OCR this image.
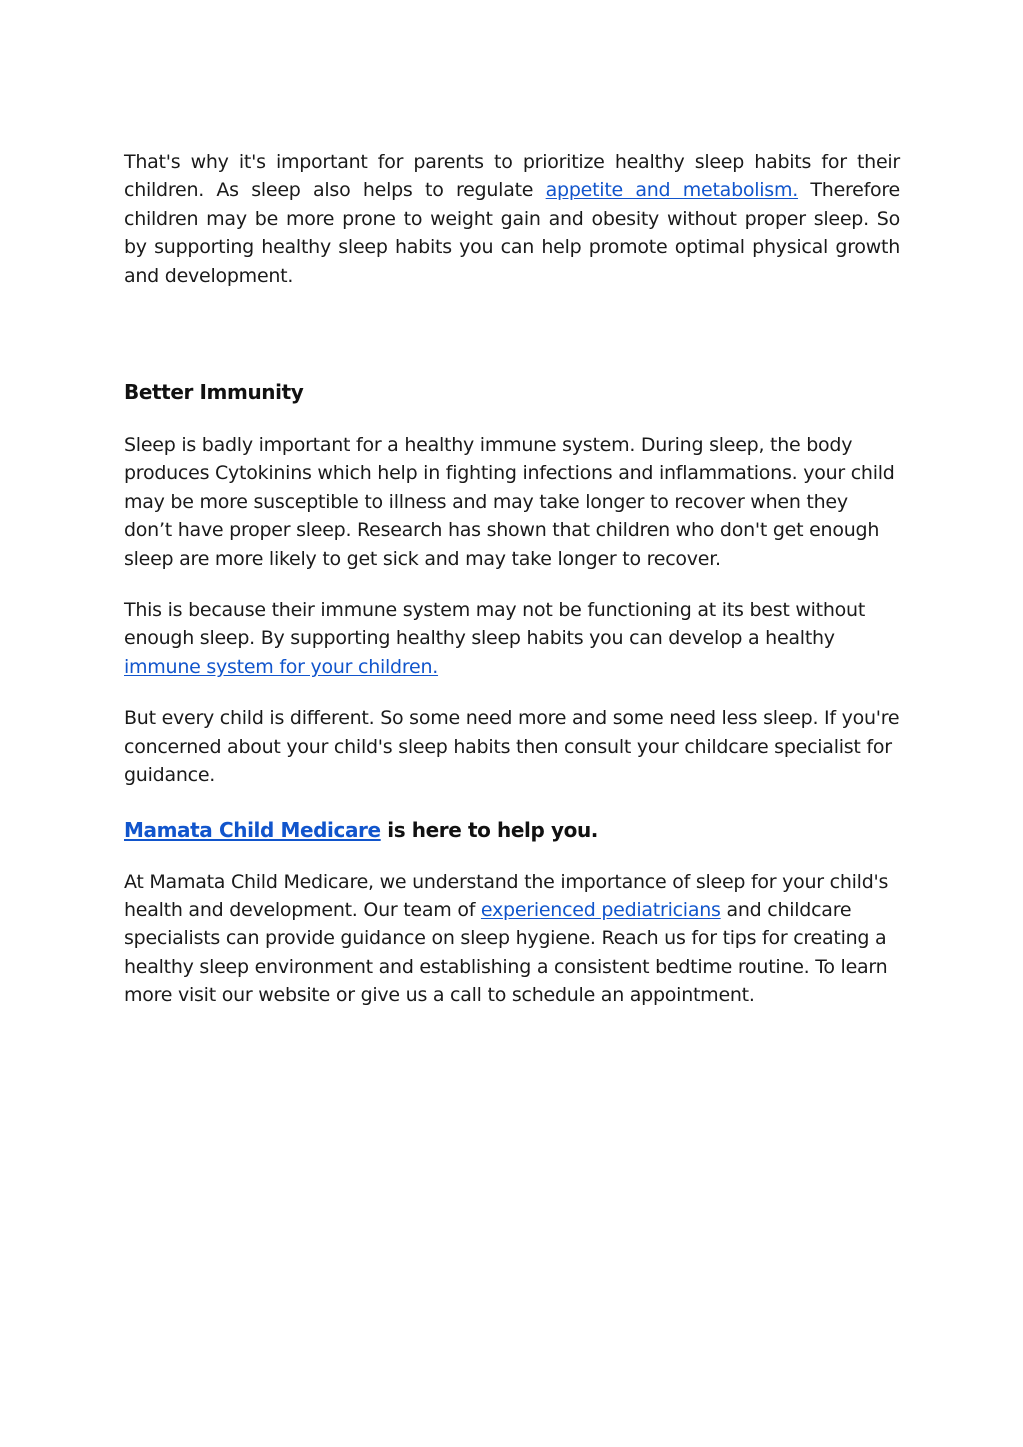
That's why it's important for parents to prioritize healthy sleep habits for their children. As sleep also helps to regulate appetite and metabolism. Therefore children may be more prone to weight gain and obesity without proper sleep. So by supporting healthy sleep habits you can help promote optimal physical growth and development.

Better Immunity

Sleep is badly important for a healthy immune system. During sleep, the body produces Cytokinins which help in fighting infections and inflammations. your child may be more susceptible to illness and may take longer to recover when they don’t have proper sleep. Research has shown that children who don't get enough sleep are more likely to get sick and may take longer to recover.

This is because their immune system may not be functioning at its best without enough sleep. By supporting healthy sleep habits you can develop a healthy immune system for your children.

But every child is different. So some need more and some need less sleep. If you're concerned about your child's sleep habits then consult your childcare specialist for guidance.

Mamata Child Medicare is here to help you.

At Mamata Child Medicare, we understand the importance of sleep for your child's health and development. Our team of experienced pediatricians and childcare specialists can provide guidance on sleep hygiene. Reach us for tips for creating a healthy sleep environment and establishing a consistent bedtime routine. To learn more visit our website or give us a call to schedule an appointment.
